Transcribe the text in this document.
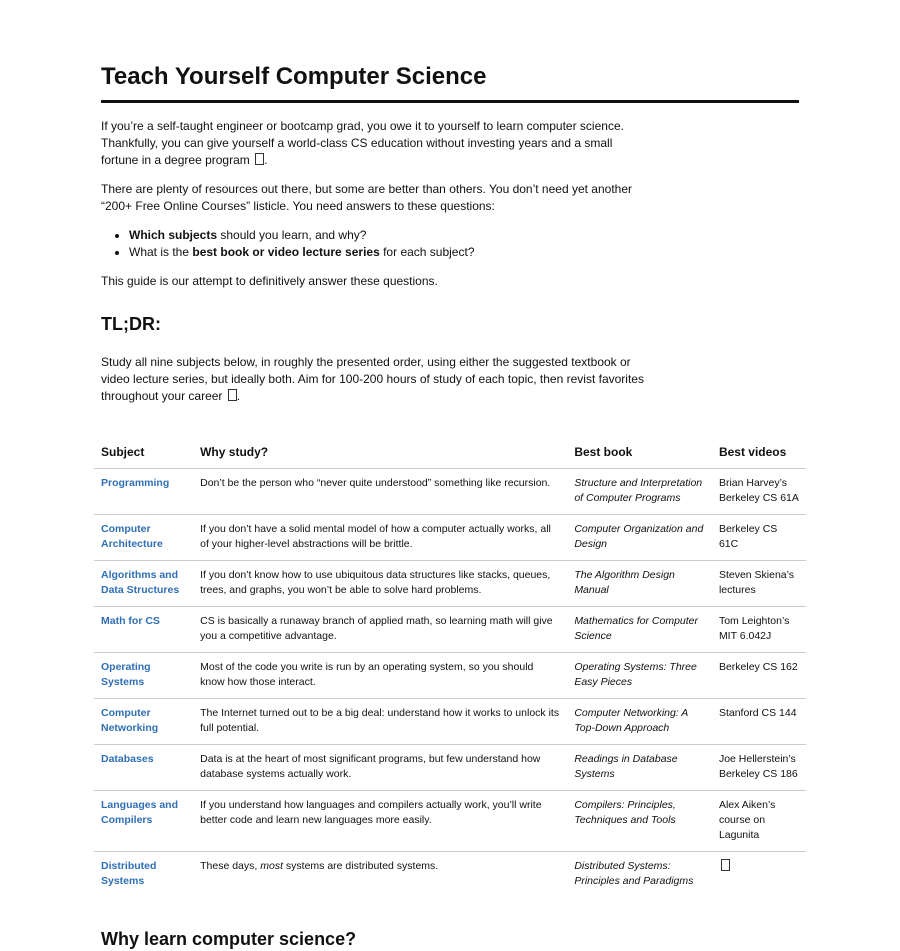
Teach Yourself Computer Science

If you’re a self-taught engineer or bootcamp grad, you owe it to yourself to learn computer science. Thankfully, you can give yourself a world-class CS education without investing years and a small fortune in a degree program .

There are plenty of resources out there, but some are better than others. You don’t need yet another “200+ Free Online Courses” listicle. You need answers to these questions:

• Which subjects should you learn, and why?
• What is the best book or video lecture series for each subject?

This guide is our attempt to definitively answer these questions.

TL;DR:

Study all nine subjects below, in roughly the presented order, using either the suggested textbook or video lecture series, but ideally both. Aim for 100-200 hours of study of each topic, then revist favorites throughout your career .

Subject	Why study?	Best book	Best videos
Programming	Don’t be the person who “never quite understood” something like recursion.	Structure and Interpretation of Computer Programs	Brian Harvey’s Berkeley CS 61A
Computer Architecture	If you don’t have a solid mental model of how a computer actually works, all of your higher-level abstractions will be brittle.	Computer Organization and Design	Berkeley CS 61C
Algorithms and Data Structures	If you don’t know how to use ubiquitous data structures like stacks, queues, trees, and graphs, you won’t be able to solve hard problems.	The Algorithm Design Manual	Steven Skiena’s lectures
Math for CS	CS is basically a runaway branch of applied math, so learning math will give you a competitive advantage.	Mathematics for Computer Science	Tom Leighton’s MIT 6.042J
Operating Systems	Most of the code you write is run by an operating system, so you should know how those interact.	Operating Systems: Three Easy Pieces	Berkeley CS 162
Computer Networking	The Internet turned out to be a big deal: understand how it works to unlock its full potential.	Computer Networking: A Top-Down Approach	Stanford CS 144
Databases	Data is at the heart of most significant programs, but few understand how database systems actually work.	Readings in Database Systems	Joe Hellerstein’s Berkeley CS 186
Languages and Compilers	If you understand how languages and compilers actually work, you’ll write better code and learn new languages more easily.	Compilers: Principles, Techniques and Tools	Alex Aiken’s course on Lagunita
Distributed Systems	These days, most systems are distributed systems.	Distributed Systems: Principles and Paradigms	
Why learn computer science?
